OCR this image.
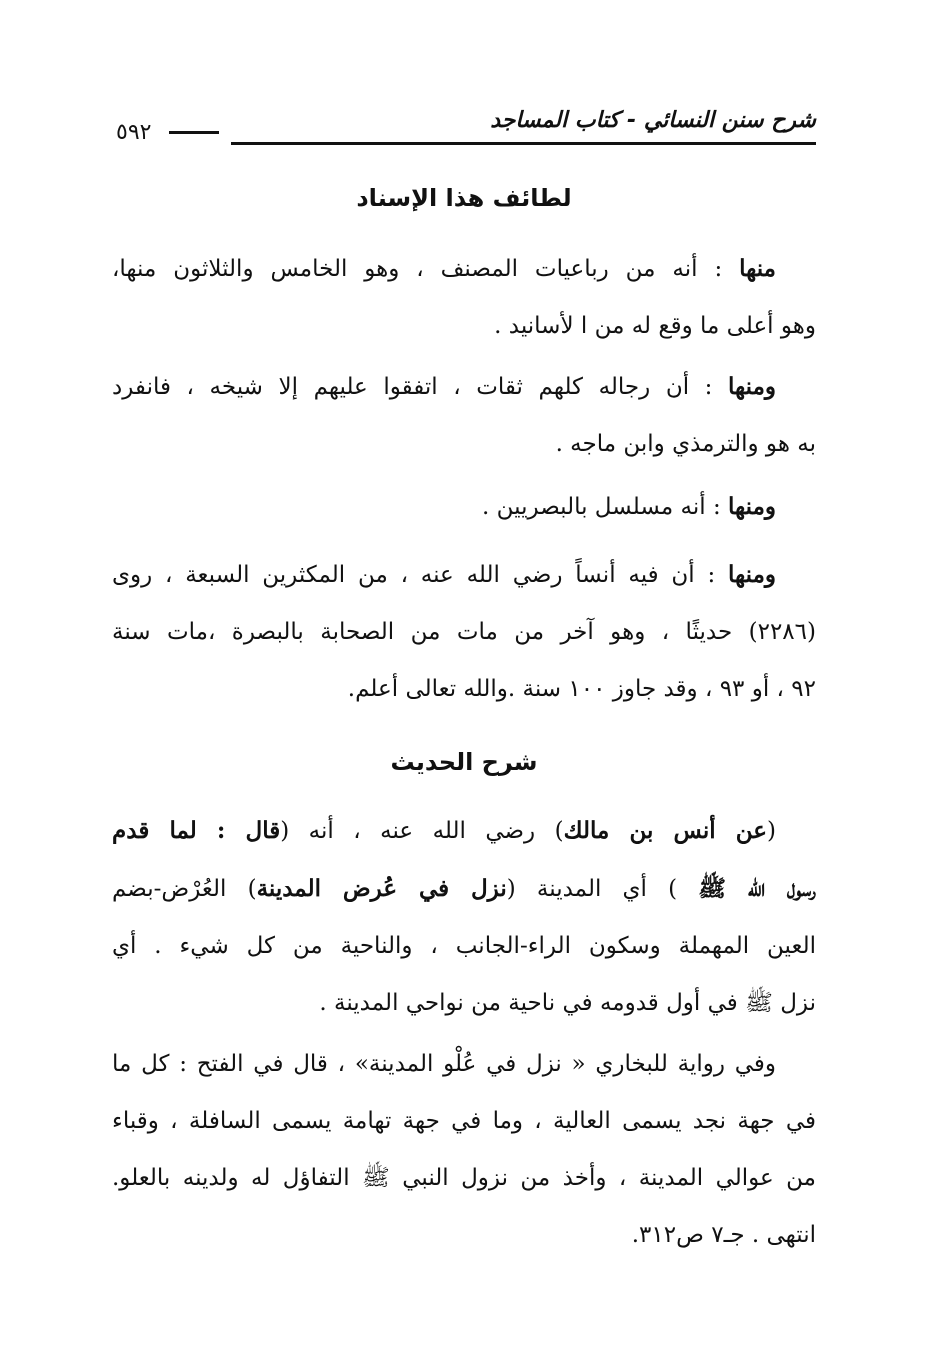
شرح سنن النسائي - كتاب المساجد
٥٩٢
لطائف هذا الإسناد
منها : أنه من رباعيات المصنف ، وهو الخامس والثلاثون منها،
وهو أعلى ما وقع له من ا لأسانيد .
ومنها : أن رجاله كلهم ثقات ، اتفقوا عليهم إلا شيخه ، فانفرد
به هو والترمذي وابن ماجه .
ومنها : أنه مسلسل بالبصريين .
ومنها : أن فيه أنساً رضي الله عنه ، من المكثرين السبعة ، روى
(٢٢٨٦) حديثًا ، وهو آخر من مات من الصحابة بالبصرة ،مات سنة
٩٢ ، أو ٩٣ ، وقد جاوز ١٠٠ سنة .والله تعالى أعلم.
شرح الحديث
(عن أنس بن مالك) رضي الله عنه ، أنه (قال : لما قدم
رسول الله ﷺ ) أي المدينة (نزل في عُرض المدينة) العُرْض-بضم
العين المهملة وسكون الراء-الجانب ، والناحية من كل شيء . أي
نزل ﷺ في أول قدومه في ناحية من نواحي المدينة .
وفي رواية للبخاري « نزل في عُلْو المدينة» ، قال في الفتح : كل ما
في جهة نجد يسمى العالية ، وما في جهة تهامة يسمى السافلة ، وقباء
من عوالي المدينة ، وأخذ من نزول النبي ﷺ التفاؤل له ولدينه بالعلو.
انتهى . جـ٧ ص٣١٢.
